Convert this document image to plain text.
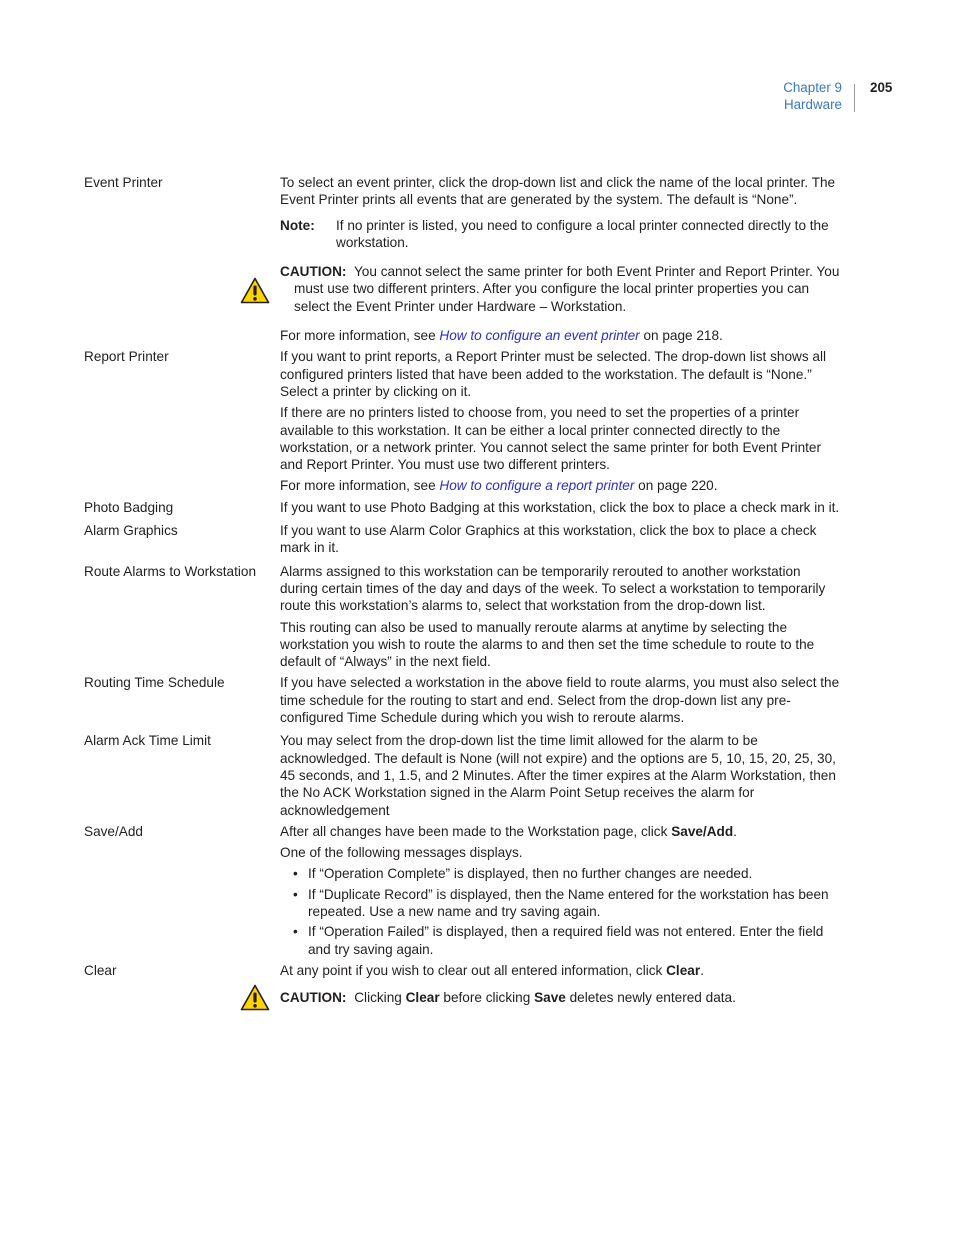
Chapter 9
Hardware
205
Event Printer	To select an event printer, click the drop-down list and click the name of the local printer. The Event Printer prints all events that are generated by the system. The default is “None”.

Note:	If no printer is listed, you need to configure a local printer connected directly to the workstation.
CAUTION: You cannot select the same printer for both Event Printer and Report Printer. You must use two different printers. After you configure the local printer properties you can select the Event Printer under Hardware – Workstation.

For more information, see How to configure an event printer on page 218.

Report Printer	If you want to print reports, a Report Printer must be selected. The drop-down list shows all configured printers listed that have been added to the workstation. The default is “None.” Select a printer by clicking on it.

If there are no printers listed to choose from, you need to set the properties of a printer available to this workstation. It can be either a local printer connected directly to the workstation, or a network printer. You cannot select the same printer for both Event Printer and Report Printer. You must use two different printers.

For more information, see How to configure a report printer on page 220.

Photo Badging	If you want to use Photo Badging at this workstation, click the box to place a check mark in it.

Alarm Graphics	If you want to use Alarm Color Graphics at this workstation, click the box to place a check mark in it.

Route Alarms to Workstation	Alarms assigned to this workstation can be temporarily rerouted to another workstation during certain times of the day and days of the week. To select a workstation to temporarily route this workstation’s alarms to, select that workstation from the drop-down list.

This routing can also be used to manually reroute alarms at anytime by selecting the workstation you wish to route the alarms to and then set the time schedule to route to the default of “Always” in the next field.

Routing Time Schedule	If you have selected a workstation in the above field to route alarms, you must also select the time schedule for the routing to start and end. Select from the drop-down list any pre-configured Time Schedule during which you wish to reroute alarms.

Alarm Ack Time Limit	You may select from the drop-down list the time limit allowed for the alarm to be acknowledged. The default is None (will not expire) and the options are 5, 10, 15, 20, 25, 30, 45 seconds, and 1, 1.5, and 2 Minutes. After the timer expires at the Alarm Workstation, then the No ACK Workstation signed in the Alarm Point Setup receives the alarm for acknowledgement

Save/Add	After all changes have been made to the Workstation page, click Save/Add.

One of the following messages displays.

• If “Operation Complete” is displayed, then no further changes are needed.
• If “Duplicate Record” is displayed, then the Name entered for the workstation has been repeated. Use a new name and try saving again.
• If “Operation Failed” is displayed, then a required field was not entered. Enter the field and try saving again.
Clear	At any point if you wish to clear out all entered information, click Clear.

CAUTION: Clicking Clear before clicking Save deletes newly entered data.
